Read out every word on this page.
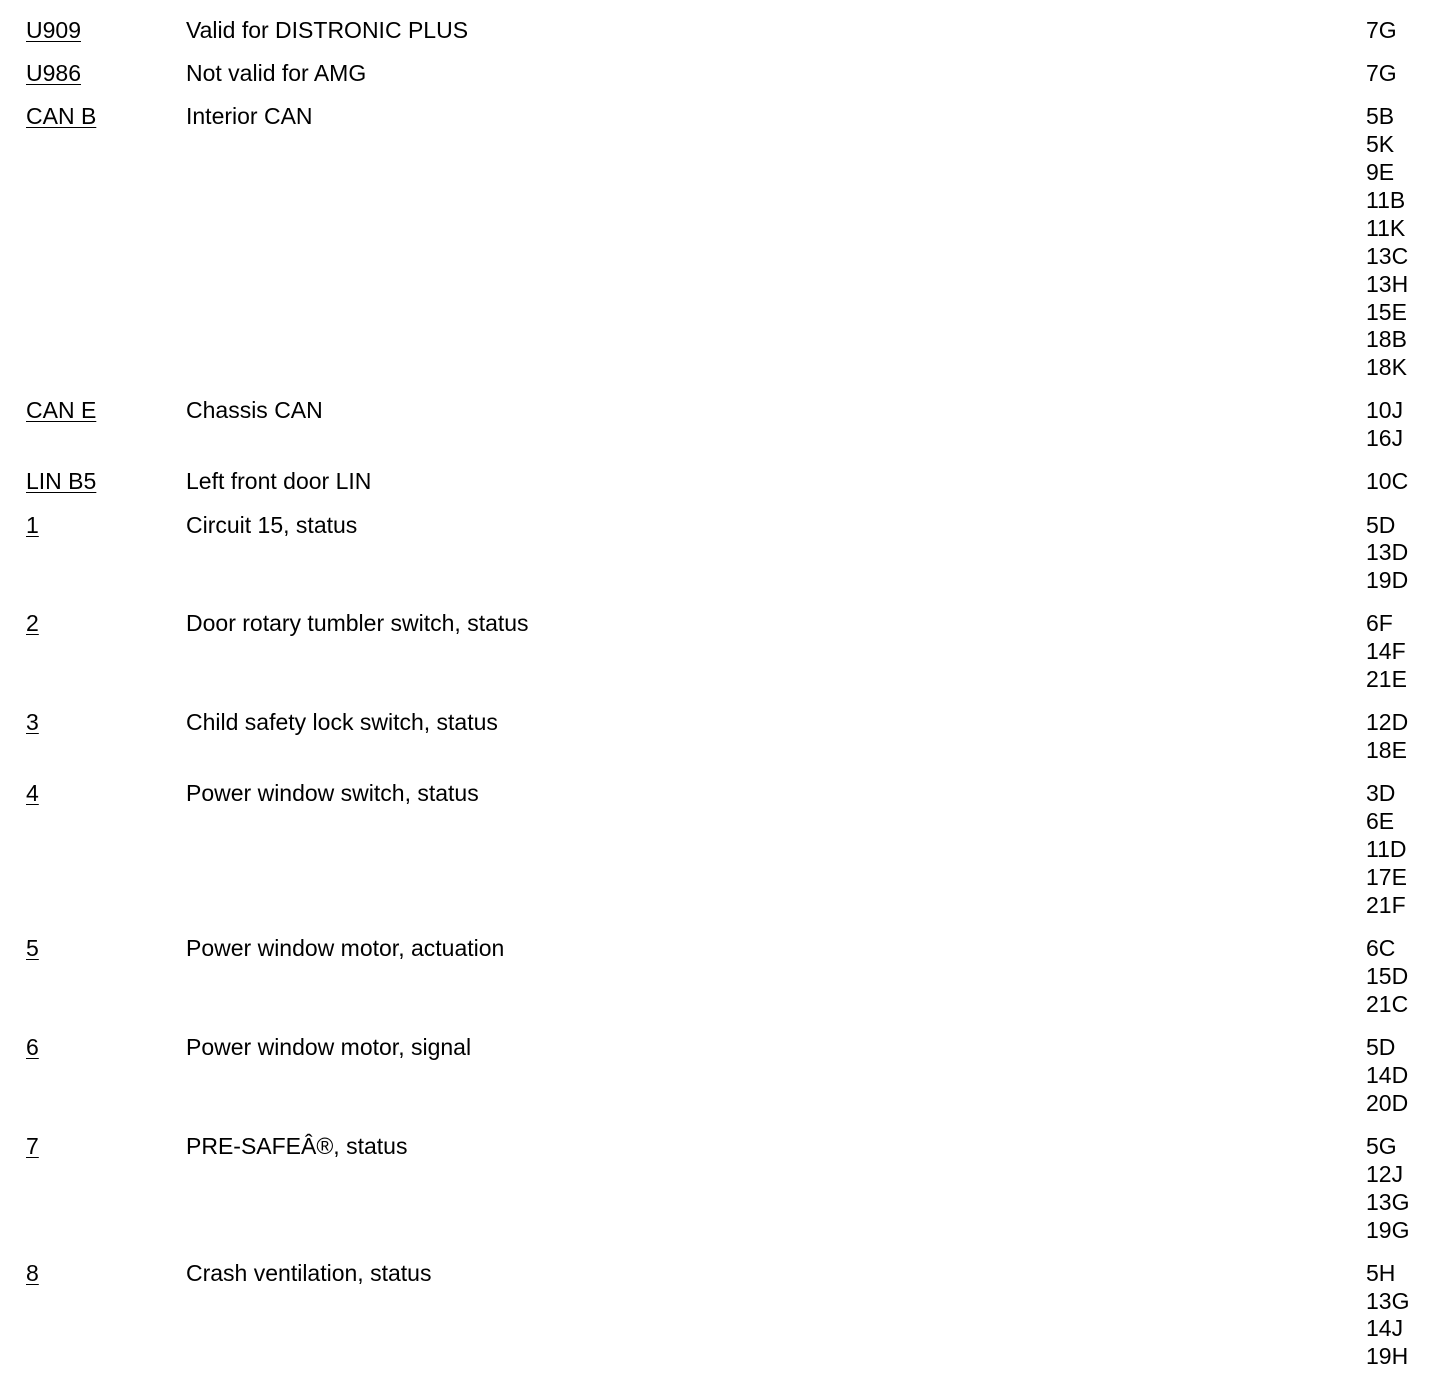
U909	Valid for DISTRONIC PLUS	7G
U986	Not valid for AMG	7G
CAN B	Interior CAN	5B
5K
9E
11B
11K
13C
13H
15E
18B
18K
CAN E	Chassis CAN	10J
16J
LIN B5	Left front door LIN	10C
1	Circuit 15, status	5D
13D
19D
2	Door rotary tumbler switch, status	6F
14F
21E
3	Child safety lock switch, status	12D
18E
4	Power window switch, status	3D
6E
11D
17E
21F
5	Power window motor, actuation	6C
15D
21C
6	Power window motor, signal	5D
14D
20D
7	PRE-SAFEÂ®, status	5G
12J
13G
19G
8	Crash ventilation, status	5H
13G
14J
19H
